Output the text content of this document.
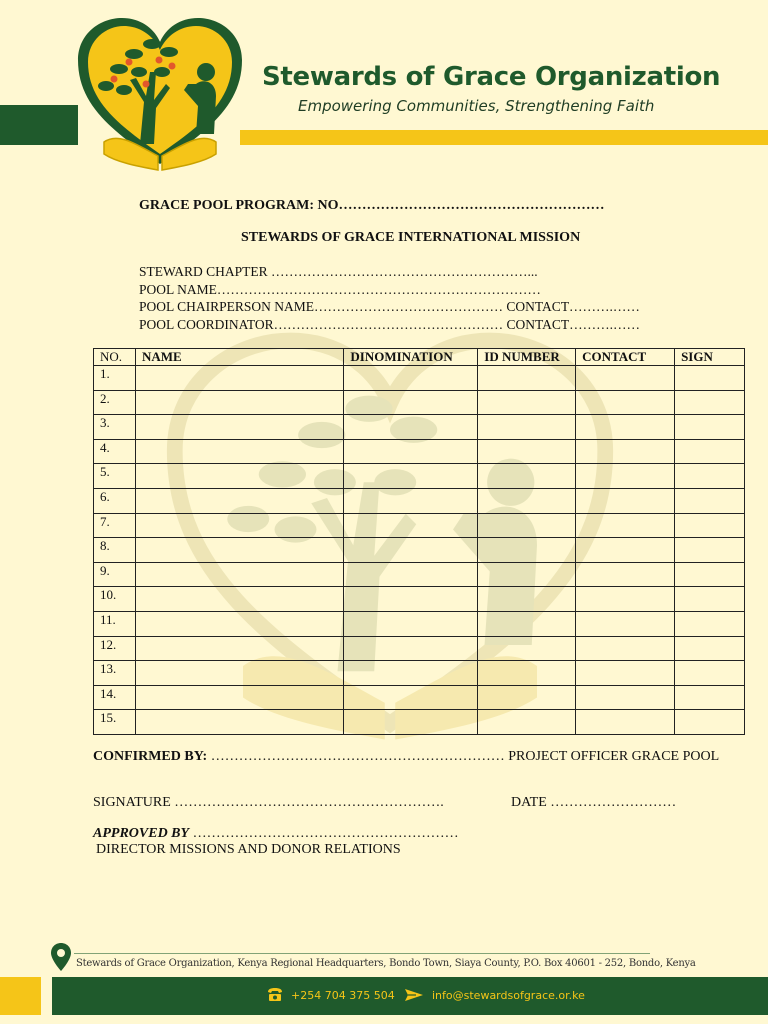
Stewards of Grace Organization
Empowering Communities, Strengthening Faith
GRACE POOL PROGRAM: NO…………………………………………………
STEWARDS OF GRACE INTERNATIONAL MISSION
STEWARD CHAPTER …………………………………………………...
POOL NAME………………………………………………………………
POOL CHAIRPERSON NAME…………………………………… CONTACT……….……
POOL COORDINATOR…………………………………………… CONTACT……….……
NO.	NAME	DINOMINATION	ID NUMBER	CONTACT	SIGN
1.					
2.					
3.					
4.					
5.					
6.					
7.					
8.					
9.					
10.					
11.					
12.					
13.					
14.					
15.					
CONFIRMED BY: ……………………………………………………… PROJECT OFFICER GRACE POOL
SIGNATURE ………………………………………………….	DATE ………………………
APPROVED BY …………………………………………………
DIRECTOR MISSIONS AND DONOR RELATIONS
Stewards of Grace Organization, Kenya Regional Headquarters, Bondo Town, Siaya County, P.O. Box 40601 - 252, Bondo, Kenya
+254 704 375 504	info@stewardsofgrace.or.ke
